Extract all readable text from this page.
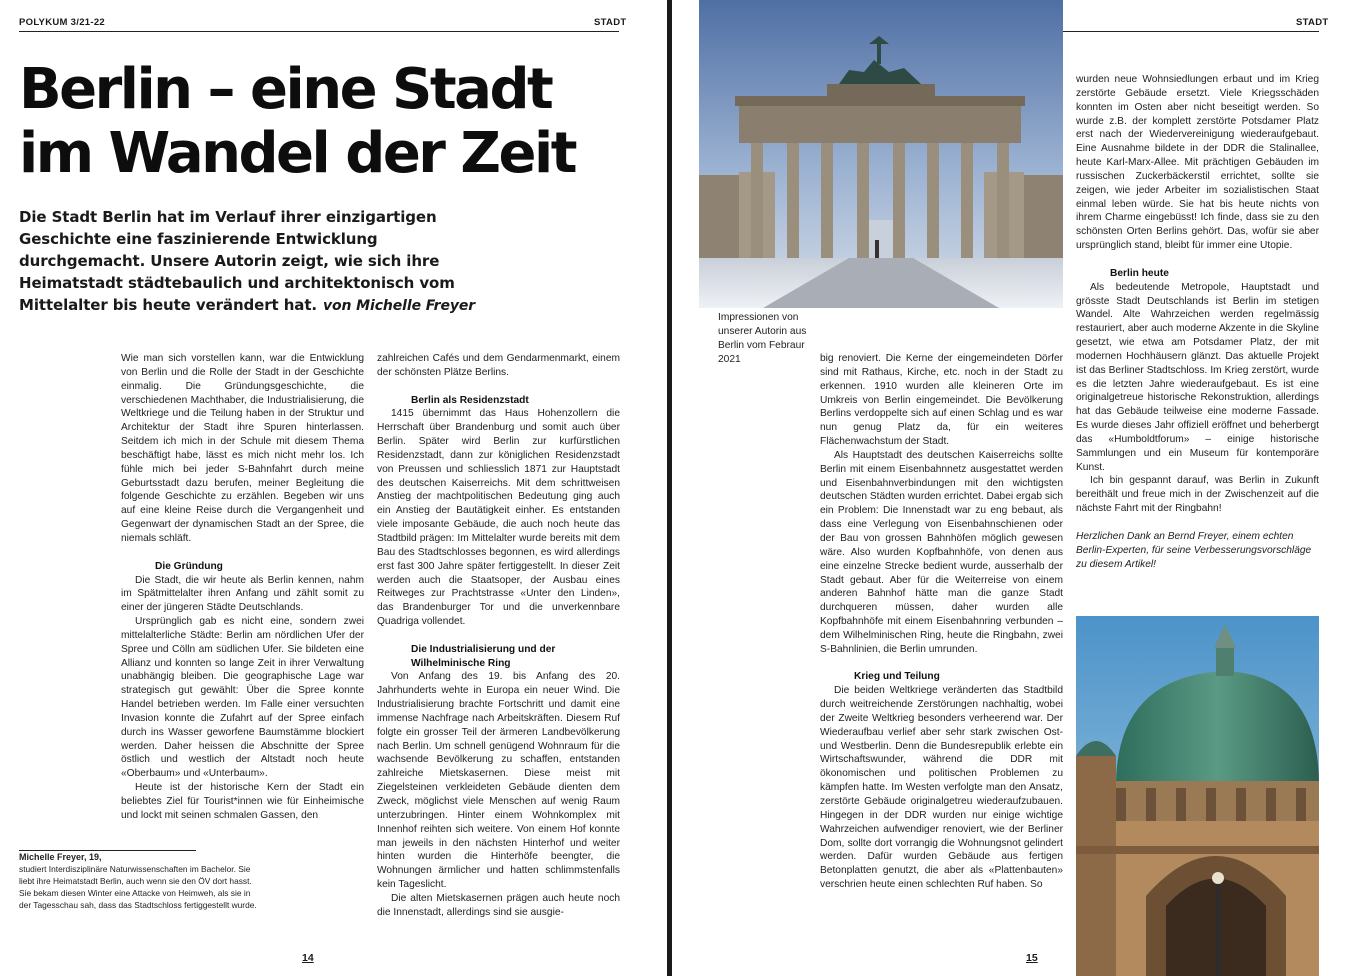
POLYKUM 3/21-22	STADT
Berlin – eine Stadt
im Wandel der Zeit
Die Stadt Berlin hat im Verlauf ihrer einzigartigen Geschichte eine faszinierende Entwicklung durchgemacht. Unsere Autorin zeigt, wie sich ihre Heimatstadt städtebaulich und architektonisch vom Mittelalter bis heute verändert hat. von Michelle Freyer

Wie man sich vorstellen kann, war die Entwicklung von Berlin und die Rolle der Stadt in der Geschichte einmalig. Die Gründungsgeschichte, die verschiedenen Machthaber, die Industrialisierung, die Weltkriege und die Teilung haben in der Struktur und Architektur der Stadt ihre Spuren hinterlassen. Seitdem ich mich in der Schule mit diesem Thema beschäftigt habe, lässt es mich nicht mehr los. Ich fühle mich bei jeder S-Bahnfahrt durch meine Geburtsstadt dazu berufen, meiner Begleitung die folgende Geschichte zu erzählen. Begeben wir uns auf eine kleine Reise durch die Vergangenheit und Gegenwart der dynamischen Stadt an der Spree, die niemals schläft.

Die Gründung

Die Stadt, die wir heute als Berlin kennen, nahm im Spätmittelalter ihren Anfang und zählt somit zu einer der jüngeren Städte Deutschlands.

Ursprünglich gab es nicht eine, sondern zwei mittelalterliche Städte: Berlin am nördlichen Ufer der Spree und Cölln am südlichen Ufer. Sie bildeten eine Allianz und konnten so lange Zeit in ihrer Verwaltung unabhängig bleiben. Die geographische Lage war strategisch gut gewählt: Über die Spree konnte Handel betrieben werden. Im Falle einer versuchten Invasion konnte die Zufahrt auf der Spree einfach durch ins Wasser geworfene Baumstämme blockiert werden. Daher heissen die Abschnitte der Spree östlich und westlich der Altstadt noch heute «Oberbaum» und «Unterbaum».

Heute ist der historische Kern der Stadt ein beliebtes Ziel für Tourist*innen wie für Einheimische und lockt mit seinen schmalen Gassen, den

zahlreichen Cafés und dem Gendarmenmarkt, einem der schönsten Plätze Berlins.

Berlin als Residenzstadt

1415 übernimmt das Haus Hohenzollern die Herrschaft über Brandenburg und somit auch über Berlin. Später wird Berlin zur kurfürstlichen Residenzstadt, dann zur königlichen Residenzstadt von Preussen und schliesslich 1871 zur Hauptstadt des deutschen Kaiserreichs. Mit dem schrittweisen Anstieg der machtpolitischen Bedeutung ging auch ein Anstieg der Bautätigkeit einher. Es entstanden viele imposante Gebäude, die auch noch heute das Stadtbild prägen: Im Mittelalter wurde bereits mit dem Bau des Stadtschlosses begonnen, es wird allerdings erst fast 300 Jahre später fertiggestellt. In dieser Zeit werden auch die Staatsoper, der Ausbau eines Reitweges zur Prachtstrasse «Unter den Linden», das Brandenburger Tor und die unverkennbare Quadriga vollendet.

Die Industrialisierung und der
Wilhelminische Ring

Von Anfang des 19. bis Anfang des 20. Jahrhunderts wehte in Europa ein neuer Wind. Die Industrialisierung brachte Fortschritt und damit eine immense Nachfrage nach Arbeitskräften. Diesem Ruf folgte ein grosser Teil der ärmeren Landbevölkerung nach Berlin. Um schnell genügend Wohnraum für die wachsende Bevölkerung zu schaffen, entstanden zahlreiche Mietskasernen. Diese meist mit Ziegelsteinen verkleideten Gebäude dienten dem Zweck, möglichst viele Menschen auf wenig Raum unterzubringen. Hinter einem Wohnkomplex mit Innenhof reihten sich weitere. Von einem Hof konnte man jeweils in den nächsten Hinterhof und weiter hinten wurden die Hinterhöfe beengter, die Wohnungen ärmlicher und hatten schlimmstenfalls kein Tageslicht.

Die alten Mietskasernen prägen auch heute noch die Innenstadt, allerdings sind sie ausgie-

Michelle Freyer, 19,
studiert Interdisziplinäre Naturwissenschaften im Bachelor. Sie liebt ihre Heimatstadt Berlin, auch wenn sie den ÖV dort hasst. Sie bekam diesen Winter eine Attacke von Heimweh, als sie in der Tagesschau sah, dass das Stadtschloss fertiggestellt wurde.
14
STADT
15
Impressionen von unserer Autorin aus Berlin vom Febraur 2021	big renoviert. Die Kerne der eingemeindeten Dörfer sind mit Rathaus, Kirche, etc. noch in der Stadt zu erkennen. 1910 wurden alle kleineren Orte im Umkreis von Berlin eingemeindet. Die Bevölkerung Berlins verdoppelte sich auf einen Schlag und es war nun genug Platz da, für ein weiteres Flächenwachstum der Stadt.

Als Hauptstadt des deutschen Kaiserreichs sollte Berlin mit einem Eisenbahnnetz ausgestattet werden und Eisenbahnverbindungen mit den wichtigsten deutschen Städten wurden errichtet. Dabei ergab sich ein Problem: Die Innenstadt war zu eng bebaut, als dass eine Verlegung von Eisenbahnschienen oder der Bau von grossen Bahnhöfen möglich gewesen wäre. Also wurden Kopfbahnhöfe, von denen aus eine einzelne Strecke bedient wurde, ausserhalb der Stadt gebaut. Aber für die Weiterreise von einem anderen Bahnhof hätte man die ganze Stadt durchqueren müssen, daher wurden alle Kopfbahnhöfe mit einem Eisenbahnring verbunden – dem Wilhelminischen Ring, heute die Ringbahn, zwei S-Bahnlinien, die Berlin umrunden.

Krieg und Teilung

Die beiden Weltkriege veränderten das Stadtbild durch weitreichende Zerstörungen nachhaltig, wobei der Zweite Weltkrieg besonders verheerend war. Der Wiederaufbau verlief aber sehr stark zwischen Ost- und Westberlin. Denn die Bundesrepublik erlebte ein Wirtschaftswunder, während die DDR mit ökonomischen und politischen Problemen zu kämpfen hatte. Im Westen verfolgte man den Ansatz, zerstörte Gebäude originalgetreu wiederaufzubauen. Hingegen in der DDR wurden nur einige wichtige Wahrzeichen aufwendiger renoviert, wie der Berliner Dom, sollte dort vorrangig die Wohnungsnot gelindert werden. Dafür wurden Gebäude aus fertigen Betonplatten genutzt, die aber als «Plattenbauten» verschrien heute einen schlechten Ruf haben. So

wurden neue Wohnsiedlungen erbaut und im Krieg zerstörte Gebäude ersetzt. Viele Kriegsschäden konnten im Osten aber nicht beseitigt werden. So wurde z.B. der komplett zerstörte Potsdamer Platz erst nach der Wiedervereinigung wiederaufgebaut. Eine Ausnahme bildete in der DDR die Stalinallee, heute Karl-Marx-Allee. Mit prächtigen Gebäuden im russischen Zuckerbäckerstil errichtet, sollte sie zeigen, wie jeder Arbeiter im sozialistischen Staat einmal leben würde. Sie hat bis heute nichts von ihrem Charme eingebüsst! Ich finde, dass sie zu den schönsten Orten Berlins gehört. Das, wofür sie aber ursprünglich stand, bleibt für immer eine Utopie.

Berlin heute

Als bedeutende Metropole, Hauptstadt und grösste Stadt Deutschlands ist Berlin im stetigen Wandel. Alte Wahrzeichen werden regelmässig restauriert, aber auch moderne Akzente in die Skyline gesetzt, wie etwa am Potsdamer Platz, der mit modernen Hochhäusern glänzt. Das aktuelle Projekt ist das Berliner Stadtschloss. Im Krieg zerstört, wurde es die letzten Jahre wiederaufgebaut. Es ist eine originalgetreue historische Rekonstruktion, allerdings hat das Gebäude teilweise eine moderne Fassade. Es wurde dieses Jahr offiziell eröffnet und beherbergt das «Humboldtforum» – einige historische Sammlungen und ein Museum für kontemporäre Kunst.

Ich bin gespannt darauf, was Berlin in Zukunft bereithält und freue mich in der Zwischenzeit auf die nächste Fahrt mit der Ringbahn!

Herzlichen Dank an Bernd Freyer, einem echten Berlin-Experten, für seine Verbesserungsvorschläge zu diesem Artikel!
